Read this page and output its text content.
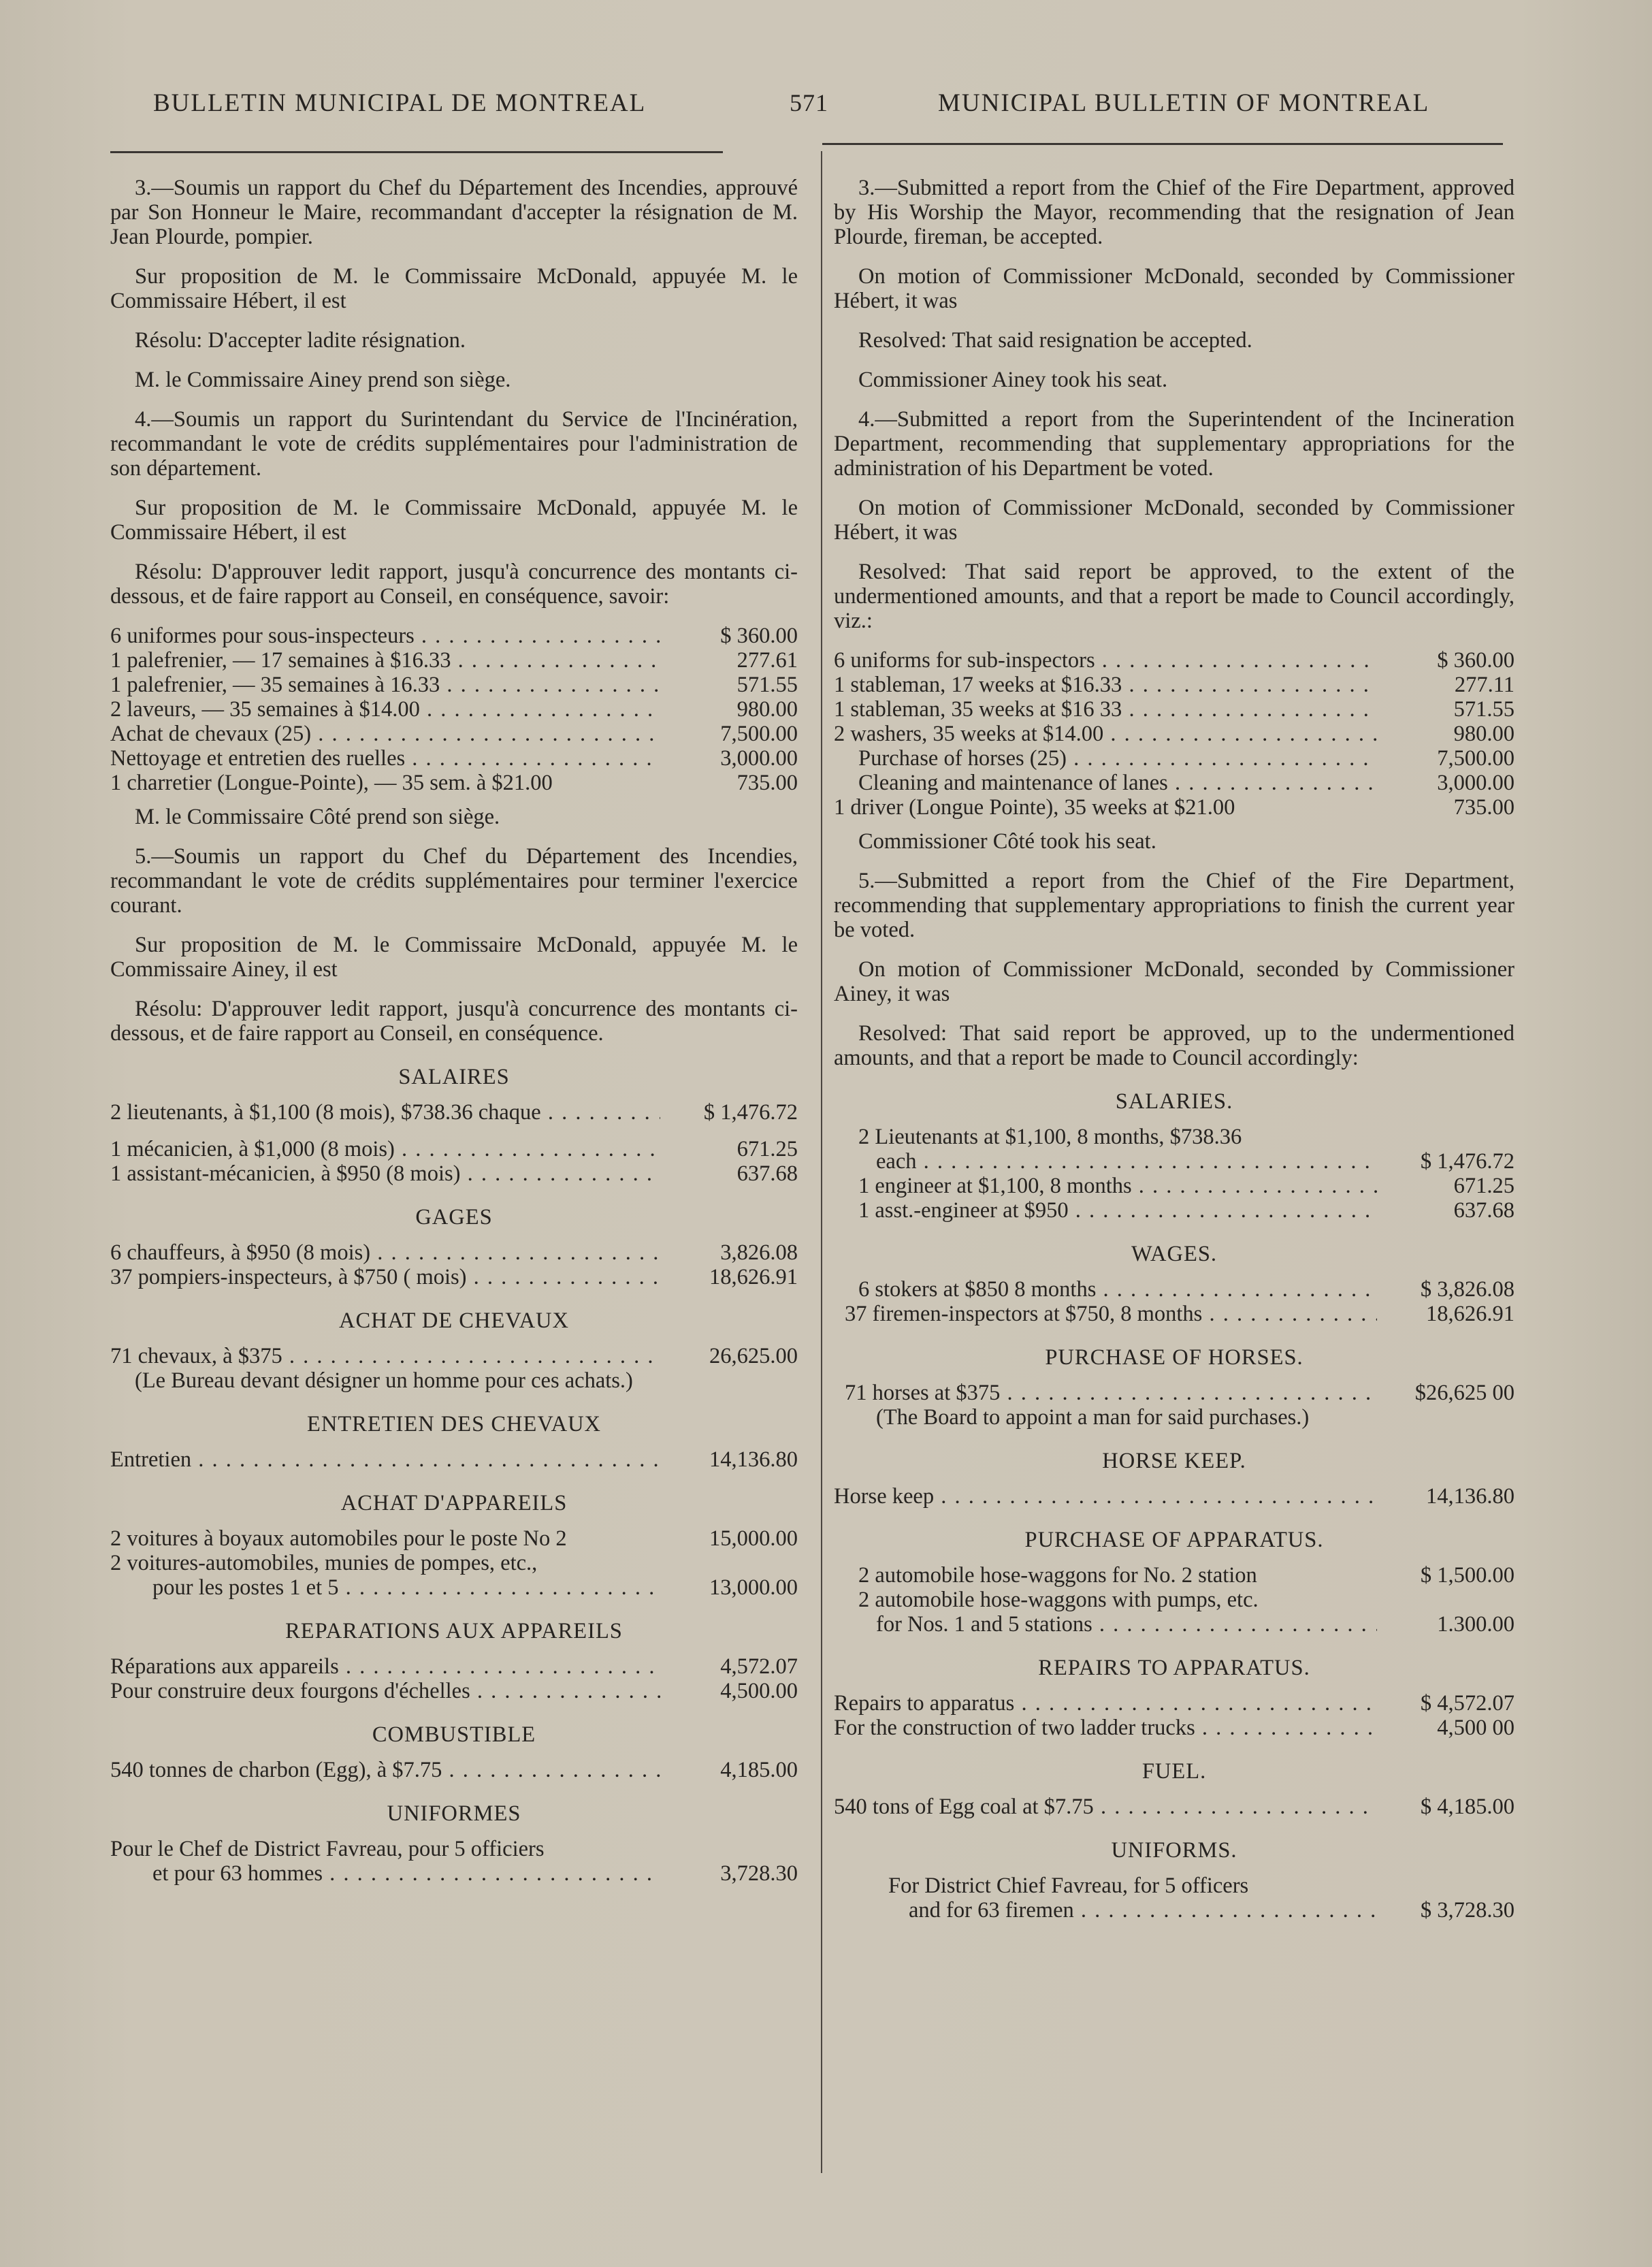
BULLETIN MUNICIPAL DE MONTREAL	571	MUNICIPAL BULLETIN OF MONTREAL

3.—Soumis un rapport du Chef du Département des Incendies, approuvé par Son Honneur le Maire, recommandant d'accepter la résignation de M. Jean Plourde, pompier.

Sur proposition de M. le Commissaire McDonald, appuyée M. le Commissaire Hébert, il est

Résolu: D'accepter ladite résignation.

M. le Commissaire Ainey prend son siège.

4.—Soumis un rapport du Surintendant du Service de l'Incinération, recommandant le vote de crédits supplémentaires pour l'administration de son département.

Sur proposition de M. le Commissaire McDonald, appuyée M. le Commissaire Hébert, il est

Résolu: D'approuver ledit rapport, jusqu'à concurrence des montants ci-dessous, et de faire rapport au Conseil, en conséquence, savoir:

6 uniformes pour sous-inspecteurs . . .	$ 360.00
1 palefrenier, — 17 semaines à $16.33 . . .	277.61
1 palefrenier, — 35 semaines à 16.33 . . .	571.55
2 laveurs, — 35 semaines à $14.00 . . .	980.00
Achat de chevaux (25) . . .	7,500.00
Nettoyage et entretien des ruelles . . .	3,000.00
1 charretier (Longue-Pointe), — 35 sem. à $21.00	735.00

M. le Commissaire Côté prend son siège.

5.—Soumis un rapport du Chef du Département des Incendies, recommandant le vote de crédits supplémentaires pour terminer l'exercice courant.

Sur proposition de M. le Commissaire McDonald, appuyée M. le Commissaire Ainey, il est

Résolu: D'approuver ledit rapport, jusqu'à concurrence des montants ci-dessous, et de faire rapport au Conseil, en conséquence.

SALAIRES
2 lieutenants, à $1,100 (8 mois), $738.36 chaque . . .	$ 1,476.72
1 mécanicien, à $1,000 (8 mois) . . .	671.25
1 assistant-mécanicien, à $950 (8 mois) . . .	637.68
GAGES
6 chauffeurs, à $950 (8 mois) . . .	3,826.08
37 pompiers-inspecteurs, à $750 ( mois) . . .	18,626.91
ACHAT DE CHEVAUX
71 chevaux, à $375 . . .	26,625.00

(Le Bureau devant désigner un homme pour ces achats.)

ENTRETIEN DES CHEVAUX
Entretien . . .	14,136.80
ACHAT D'APPAREILS
2 voitures à boyaux automobiles pour le poste No 2	15,000.00
2 voitures-automobiles, munies de pompes, etc.,
pour les postes 1 et 5 . . .	13,000.00
REPARATIONS AUX APPAREILS
Réparations aux appareils . . .	4,572.07
Pour construire deux fourgons d'échelles . . .	4,500.00
COMBUSTIBLE
540 tonnes de charbon (Egg), à $7.75 . . .	4,185.00
UNIFORMES
Pour le Chef de District Favreau, pour 5 officiers
et pour 63 hommes . . .	3,728.30

3.—Submitted a report from the Chief of the Fire Department, approved by His Worship the Mayor, recommending that the resignation of Jean Plourde, fireman, be accepted.

On motion of Commissioner McDonald, seconded by Commissioner Hébert, it was

Resolved: That said resignation be accepted.

Commissioner Ainey took his seat.

4.—Submitted a report from the Superintendent of the Incineration Department, recommending that supplementary appropriations for the administration of his Department be voted.

On motion of Commissioner McDonald, seconded by Commissioner Hébert, it was

Resolved: That said report be approved, to the extent of the undermentioned amounts, and that a report be made to Council accordingly, viz.:

6 uniforms for sub-inspectors . . .	$ 360.00
1 stableman, 17 weeks at $16.33 . . .	277.11
1 stableman, 35 weeks at $16 33 . . .	571.55
2 washers, 35 weeks at $14.00 . . .	980.00
Purchase of horses (25) . . .	7,500.00
Cleaning and maintenance of lanes . . .	3,000.00
1 driver (Longue Pointe), 35 weeks at $21.00	735.00

Commissioner Côté took his seat.

5.—Submitted a report from the Chief of the Fire Department, recommending that supplementary appropriations to finish the current year be voted.

On motion of Commissioner McDonald, seconded by Commissioner Ainey, it was

Resolved: That said report be approved, up to the undermentioned amounts, and that a report be made to Council accordingly:

SALARIES.
2 Lieutenants at $1,100, 8 months, $738.36
each . . .	$ 1,476.72
1 engineer at $1,100, 8 months . . .	671.25
1 asst.-engineer at $950 . . .	637.68
WAGES.
6 stokers at $850 8 months . . .	$ 3,826.08
37 firemen-inspectors at $750, 8 months . . .	18,626.91
PURCHASE OF HORSES.
71 horses at $375 . . .	$26,625 00

(The Board to appoint a man for said purchases.)

HORSE KEEP.
Horse keep . . .	14,136.80
PURCHASE OF APPARATUS.
2 automobile hose-waggons for No. 2 station	$ 1,500.00
2 automobile hose-waggons with pumps, etc.
for Nos. 1 and 5 stations . . .	1.300.00
REPAIRS TO APPARATUS.
Repairs to apparatus . . .	$ 4,572.07
For the construction of two ladder trucks . . .	4,500 00
FUEL.
540 tons of Egg coal at $7.75 . . .	$ 4,185.00
UNIFORMS.
For District Chief Favreau, for 5 officers
and for 63 firemen . . .	$ 3,728.30
